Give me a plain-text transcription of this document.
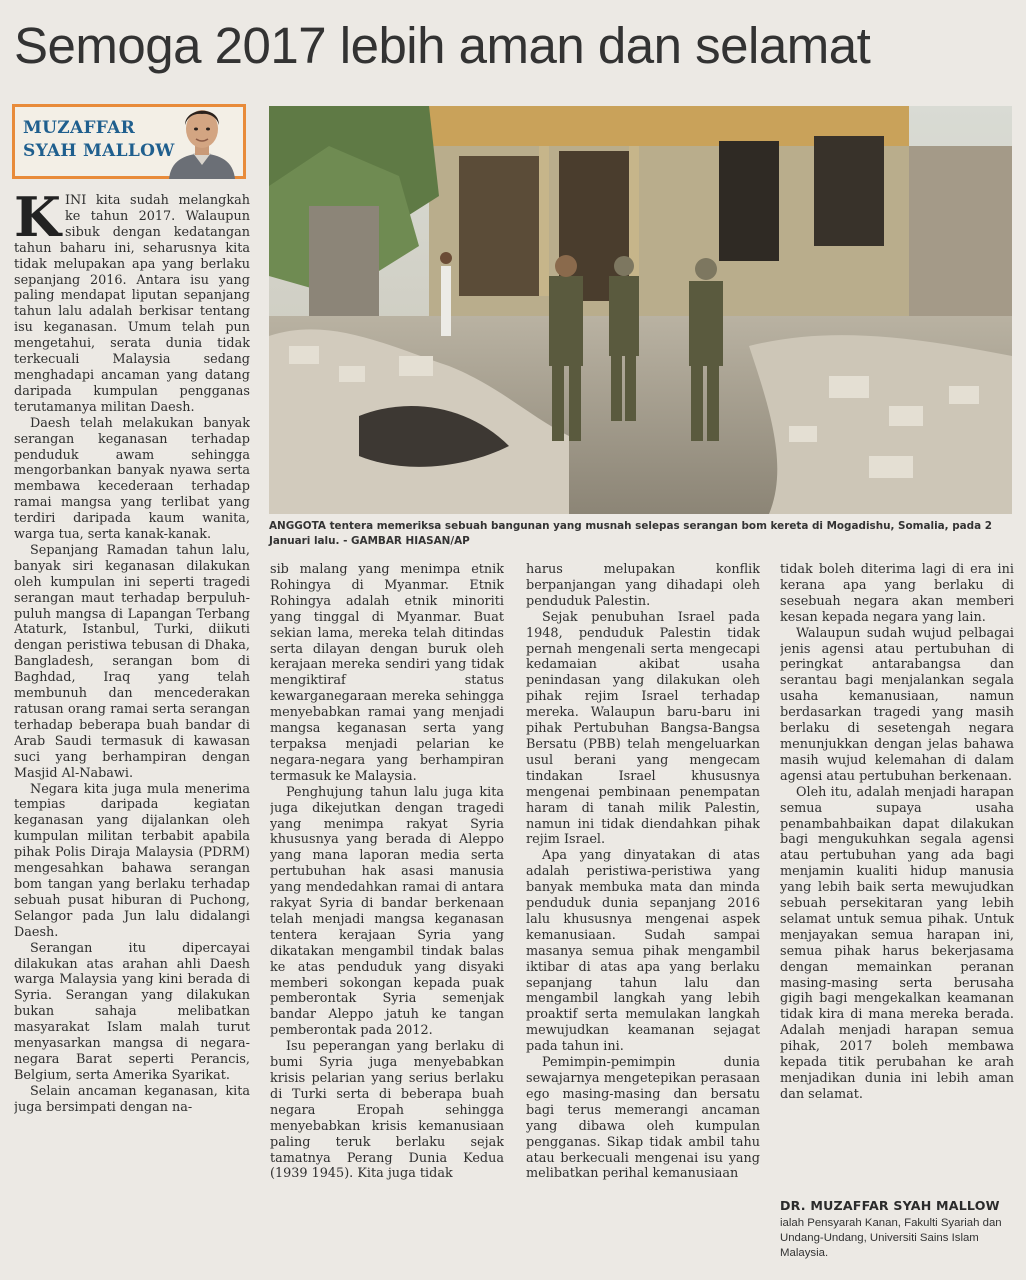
Semoga 2017 lebih aman dan selamat
MUZAFFAR
SYAH MALLOW

ANGGOTA tentera memeriksa sebuah bangunan yang musnah selepas serangan bom kereta di Mogadishu, Somalia, pada 2 Januari lalu. - GAMBAR HIASAN/AP

KINI kita sudah melangkah ke tahun 2017. Walaupun sibuk dengan kedatangan tahun baharu ini, seharusnya kita tidak melupakan apa yang berlaku sepanjang 2016. Antara isu yang paling mendapat liputan sepanjang tahun lalu adalah berkisar tentang isu keganasan. Umum telah pun mengetahui, serata dunia tidak terkecuali Malaysia sedang menghadapi ancaman yang datang daripada kumpulan pengganas terutamanya militan Daesh.

Daesh telah melakukan banyak serangan keganasan terhadap penduduk awam sehingga mengorbankan banyak nyawa serta membawa kecederaan terhadap ramai mangsa yang terlibat yang terdiri daripada kaum wanita, warga tua, serta kanak-kanak.

Sepanjang Ramadan tahun lalu, banyak siri keganasan dilakukan oleh kumpulan ini seperti tragedi serangan maut terhadap berpuluh-puluh mangsa di Lapangan Terbang Ataturk, Istanbul, Turki, diikuti dengan peristiwa tebusan di Dhaka, Bangladesh, serangan bom di Baghdad, Iraq yang telah membunuh dan mencederakan ratusan orang ramai serta serangan terhadap beberapa buah bandar di Arab Saudi termasuk di kawasan suci yang berhampiran dengan Masjid Al-Nabawi.

Negara kita juga mula menerima tempias daripada kegiatan keganasan yang dijalankan oleh kumpulan militan terbabit apabila pihak Polis Diraja Malaysia (PDRM) mengesahkan bahawa serangan bom tangan yang berlaku terhadap sebuah pusat hiburan di Puchong, Selangor pada Jun lalu didalangi Daesh.

Serangan itu dipercayai dilakukan atas arahan ahli Daesh warga Malaysia yang kini berada di Syria. Serangan yang dilakukan bukan sahaja melibatkan masyarakat Islam malah turut menyasarkan mangsa di negara-negara Barat seperti Perancis, Belgium, serta Amerika Syarikat.

Selain ancaman keganasan, kita juga bersimpati dengan na-

sib malang yang menimpa etnik Rohingya di Myanmar. Etnik Rohingya adalah etnik minoriti yang tinggal di Myanmar. Buat sekian lama, mereka telah ditindas serta dilayan dengan buruk oleh kerajaan mereka sendiri yang tidak mengiktiraf status kewarganegaraan mereka sehingga menyebabkan ramai yang menjadi mangsa keganasan serta yang terpaksa menjadi pelarian ke negara-negara yang berhampiran termasuk ke Malaysia.

Penghujung tahun lalu juga kita juga dikejutkan dengan tragedi yang menimpa rakyat Syria khususnya yang berada di Aleppo yang mana laporan media serta pertubuhan hak asasi manusia yang mendedahkan ramai di antara rakyat Syria di bandar berkenaan telah menjadi mangsa keganasan tentera kerajaan Syria yang dikatakan mengambil tindak balas ke atas penduduk yang disyaki memberi sokongan kepada puak pemberontak Syria semenjak bandar Aleppo jatuh ke tangan pemberontak pada 2012.

Isu peperangan yang berlaku di bumi Syria juga menyebabkan krisis pelarian yang serius berlaku di Turki serta di beberapa buah negara Eropah sehingga menyebabkan krisis kemanusiaan paling teruk berlaku sejak tamatnya Perang Dunia Kedua (1939 1945). Kita juga tidak

harus melupakan konflik berpanjangan yang dihadapi oleh penduduk Palestin.

Sejak penubuhan Israel pada 1948, penduduk Palestin tidak pernah mengenali serta mengecapi kedamaian akibat usaha penindasan yang dilakukan oleh pihak rejim Israel terhadap mereka. Walaupun baru-baru ini pihak Pertubuhan Bangsa-Bangsa Bersatu (PBB) telah mengeluarkan usul berani yang mengecam tindakan Israel khususnya mengenai pembinaan penempatan haram di tanah milik Palestin, namun ini tidak diendahkan pihak rejim Israel.

Apa yang dinyatakan di atas adalah peristiwa-peristiwa yang banyak membuka mata dan minda penduduk dunia sepanjang 2016 lalu khususnya mengenai aspek kemanusiaan. Sudah sampai masanya semua pihak mengambil iktibar di atas apa yang berlaku sepanjang tahun lalu dan mengambil langkah yang lebih proaktif serta memulakan langkah mewujudkan keamanan sejagat pada tahun ini.

Pemimpin-pemimpin dunia sewajarnya mengetepikan perasaan ego masing-masing dan bersatu bagi terus memerangi ancaman yang dibawa oleh kumpulan pengganas. Sikap tidak ambil tahu atau berkecuali mengenai isu yang melibatkan perihal kemanusiaan

tidak boleh diterima lagi di era ini kerana apa yang berlaku di sesebuah negara akan memberi kesan kepada negara yang lain.

Walaupun sudah wujud pelbagai jenis agensi atau pertubuhan di peringkat antarabangsa dan serantau bagi menjalankan segala usaha kemanusiaan, namun berdasarkan tragedi yang masih berlaku di sesetengah negara menunjukkan dengan jelas bahawa masih wujud kelemahan di dalam agensi atau pertubuhan berkenaan.

Oleh itu, adalah menjadi harapan semua supaya usaha penambahbaikan dapat dilakukan bagi mengukuhkan segala agensi atau pertubuhan yang ada bagi menjamin kualiti hidup manusia yang lebih baik serta mewujudkan sebuah persekitaran yang lebih selamat untuk semua pihak. Untuk menjayakan semua harapan ini, semua pihak harus bekerjasama dengan memainkan peranan masing-masing serta berusaha gigih bagi mengekalkan keamanan tidak kira di mana mereka berada. Adalah menjadi harapan semua pihak, 2017 boleh membawa kepada titik perubahan ke arah menjadikan dunia ini lebih aman dan selamat.

DR. MUZAFFAR SYAH MALLOW
ialah Pensyarah Kanan, Fakulti Syariah dan Undang-Undang, Universiti Sains Islam Malaysia.
